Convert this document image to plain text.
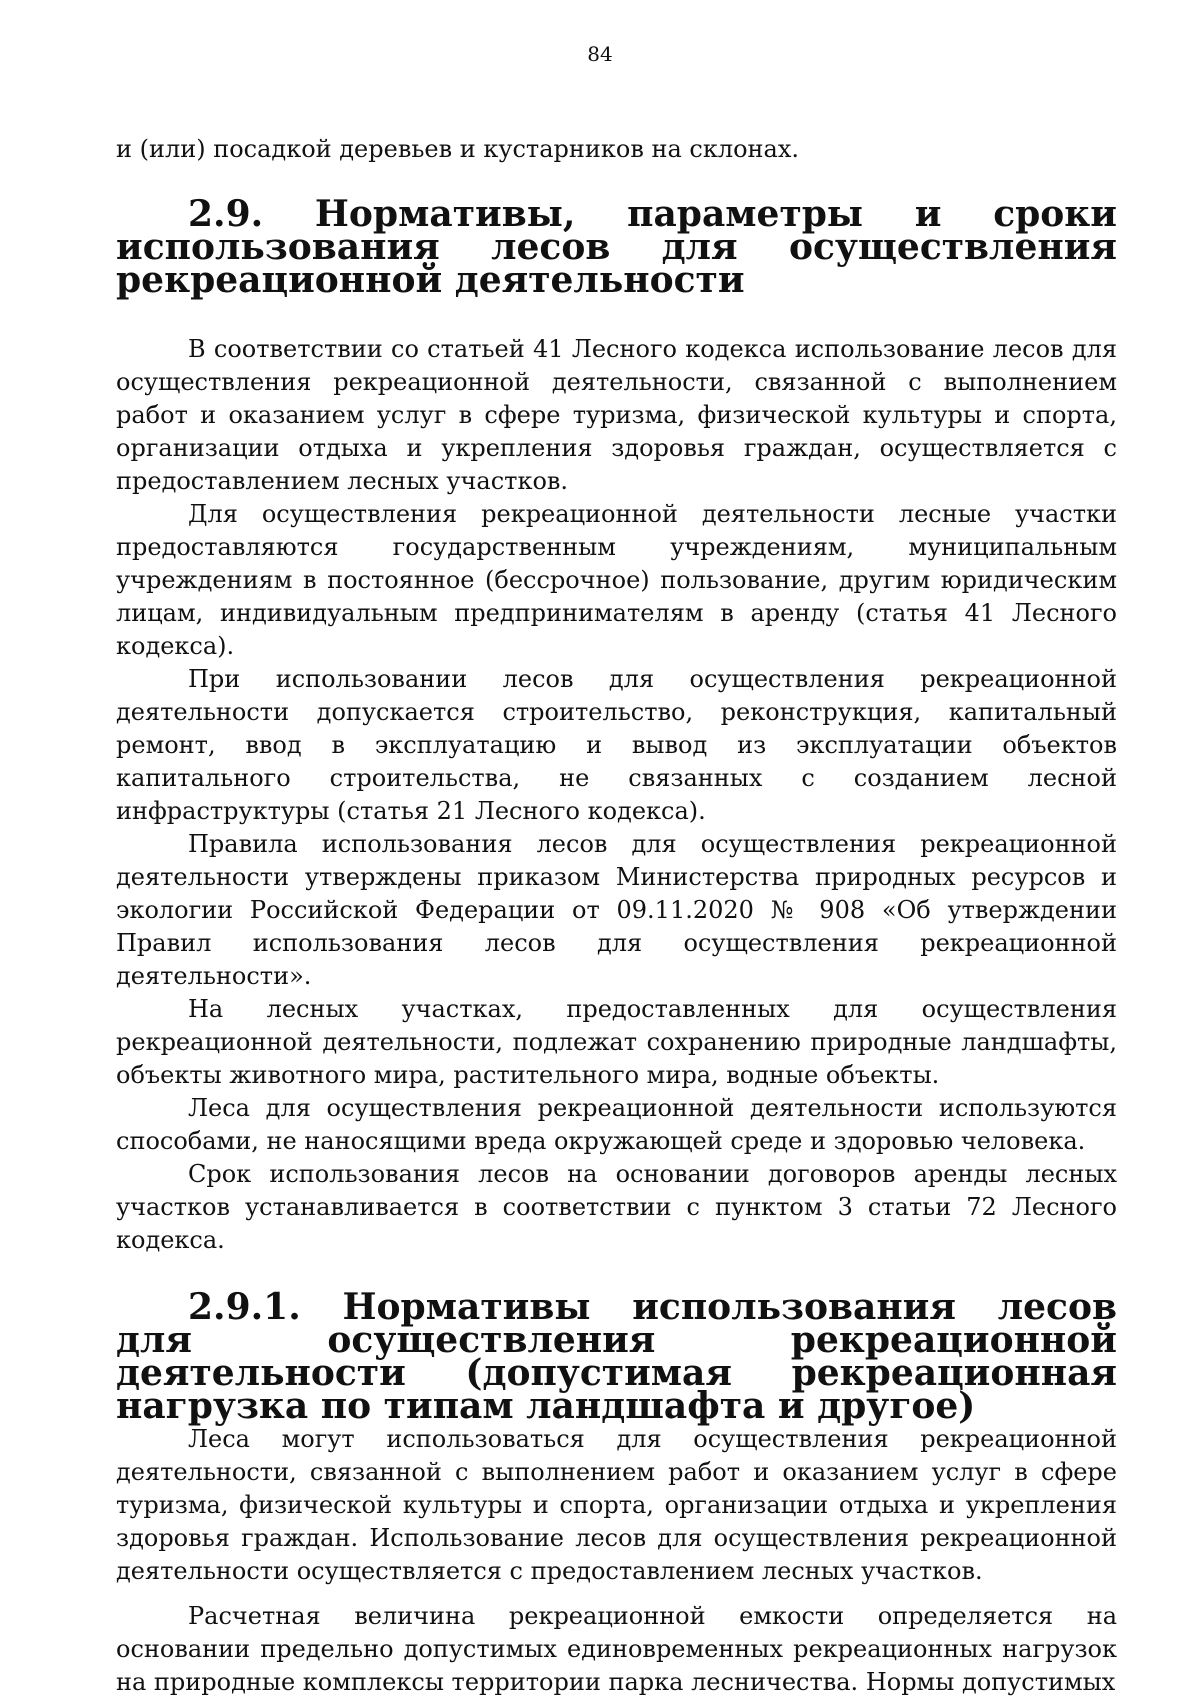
84

и (или) посадкой деревьев и кустарников на склонах.

2.9. Нормативы, параметры и сроки использования лесов для осуществления рекреационной деятельности

В соответствии со статьей 41 Лесного кодекса использование лесов для осуществления рекреационной деятельности, связанной с выполнением работ и оказанием услуг в сфере туризма, физической культуры и спорта, организации отдыха и укрепления здоровья граждан, осуществляется с предоставлением лесных участков.

Для осуществления рекреационной деятельности лесные участки предоставляются государственным учреждениям, муниципальным учреждениям в постоянное (бессрочное) пользование, другим юридическим лицам, индивидуальным предпринимателям в аренду (статья 41 Лесного кодекса).

При использовании лесов для осуществления рекреационной деятельности допускается строительство, реконструкция, капитальный ремонт, ввод в эксплуатацию и вывод из эксплуатации объектов капитального строительства, не связанных с созданием лесной инфраструктуры (статья 21 Лесного кодекса).

Правила использования лесов для осуществления рекреационной деятельности утверждены приказом Министерства природных ресурсов и экологии Российской Федерации от 09.11.2020 № 908 «Об утверждении Правил использования лесов для осуществления рекреационной деятельности».

На лесных участках, предоставленных для осуществления рекреационной деятельности, подлежат сохранению природные ландшафты, объекты животного мира, растительного мира, водные объекты.

Леса для осуществления рекреационной деятельности используются способами, не наносящими вреда окружающей среде и здоровью человека.

Срок использования лесов на основании договоров аренды лесных участков устанавливается в соответствии с пунктом 3 статьи 72 Лесного кодекса.

2.9.1. Нормативы использования лесов для осуществления рекреационной деятельности (допустимая рекреационная нагрузка по типам ландшафта и другое)

Леса могут использоваться для осуществления рекреационной деятельности, связанной с выполнением работ и оказанием услуг в сфере туризма, физической культуры и спорта, организации отдыха и укрепления здоровья граждан. Использование лесов для осуществления рекреационной деятельности осуществляется с предоставлением лесных участков.

Расчетная величина рекреационной емкости определяется на основании предельно допустимых единовременных рекреационных нагрузок на природные комплексы территории парка лесничества. Нормы допустимых
